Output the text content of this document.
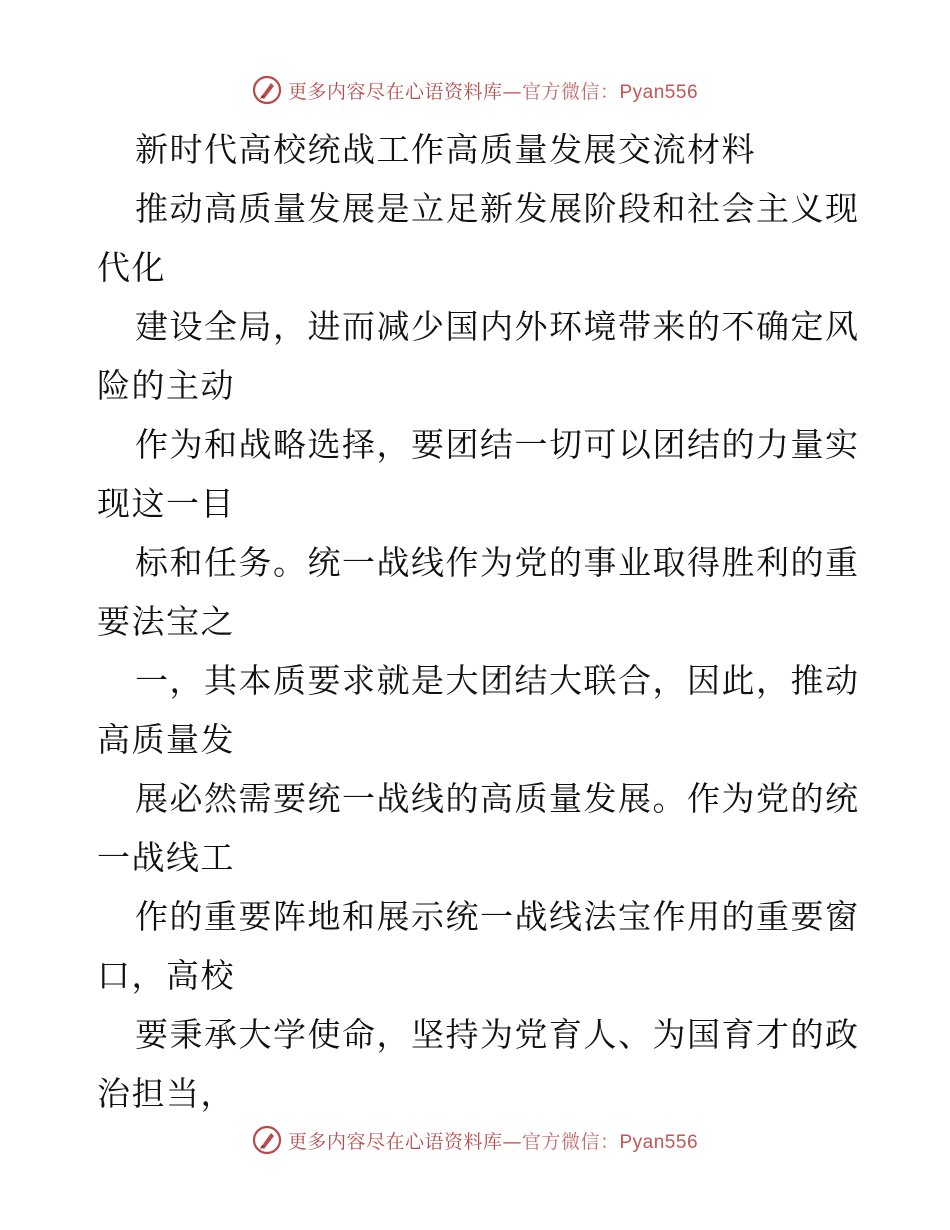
更多内容尽在心语资料库—官方微信：Pyan556
新时代高校统战工作高质量发展交流材料
推动高质量发展是立足新发展阶段和社会主义现
代化
建设全局，进而减少国内外环境带来的不确定风
险的主动
作为和战略选择，要团结一切可以团结的力量实
现这一目
标和任务。统一战线作为党的事业取得胜利的重
要法宝之
一，其本质要求就是大团结大联合，因此，推动
高质量发
展必然需要统一战线的高质量发展。作为党的统
一战线工
作的重要阵地和展示统一战线法宝作用的重要窗
口，高校
要秉承大学使命，坚持为党育人、为国育才的政
治担当，
更多内容尽在心语资料库—官方微信：Pyan556
